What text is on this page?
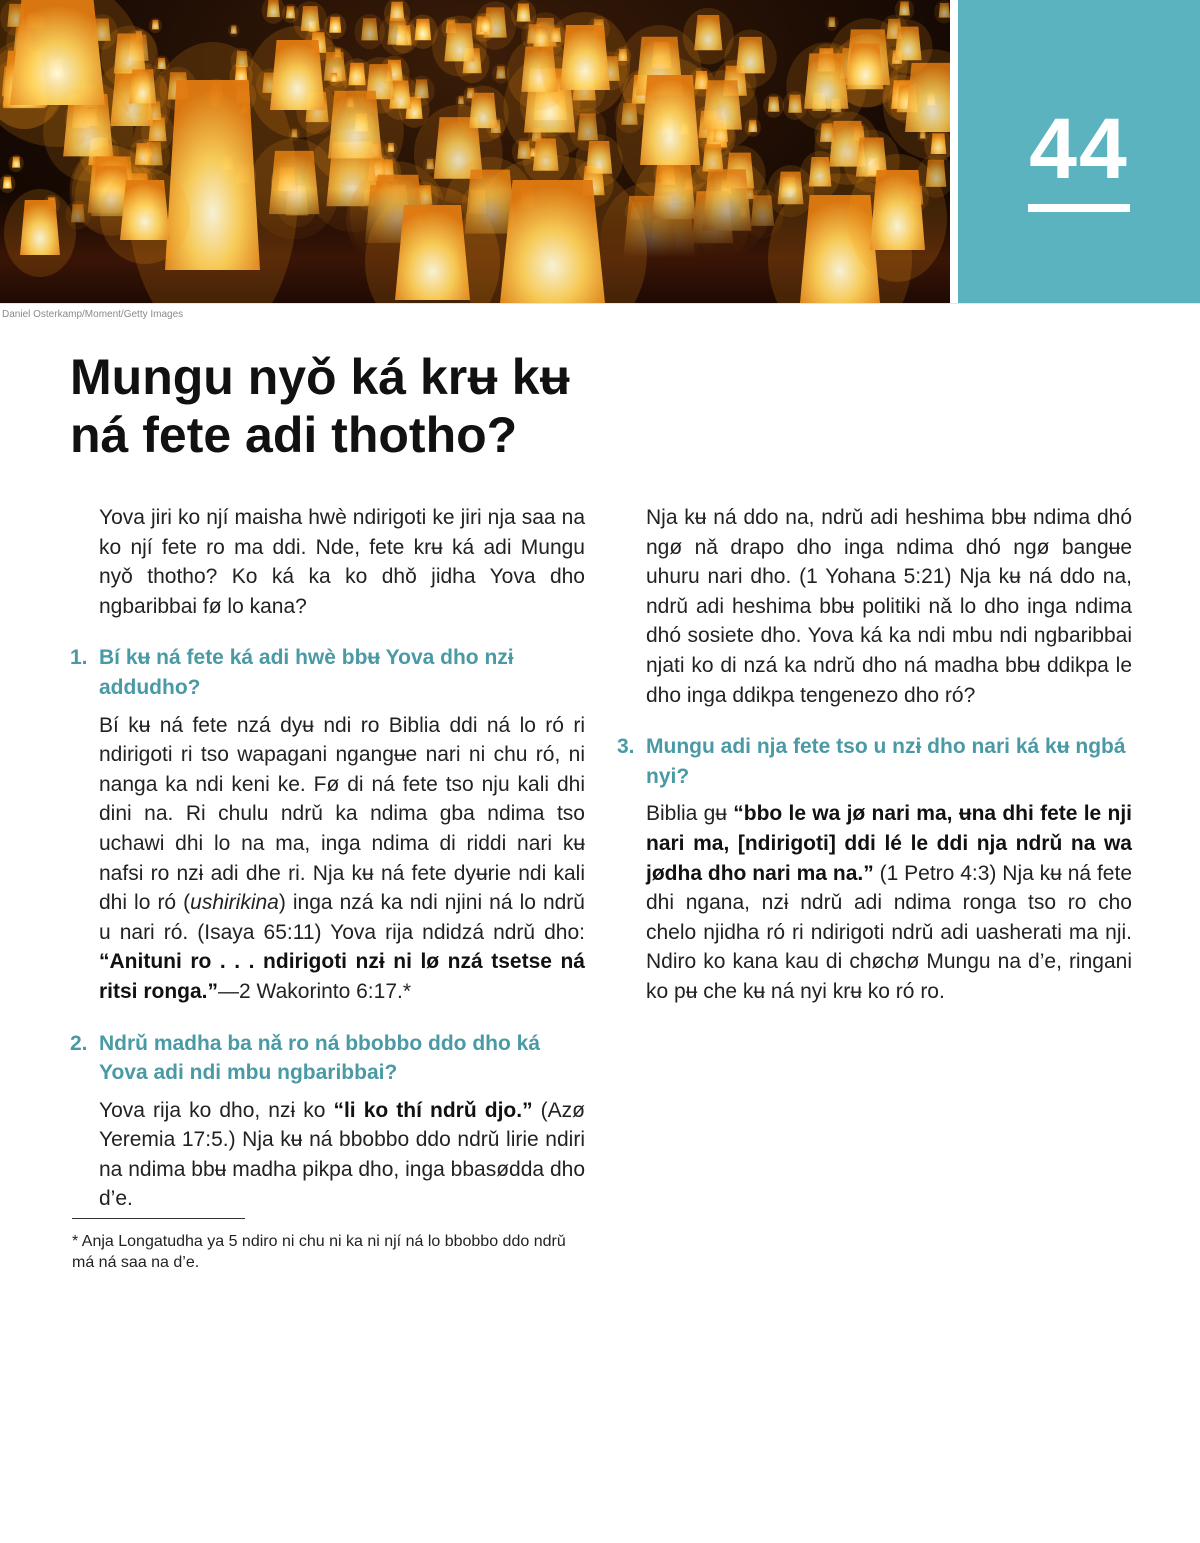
44
Daniel Osterkamp/Moment/Getty Images
Mungu nyǒ ká krʉ kʉ
ná fete adi thotho?

Yova jiri ko njí maisha hwè ndirigoti ke jiri nja saa na ko njí fete ro ma ddi. Nde, fete krʉ ká adi Mungu nyǒ thotho? Ko ká ka ko dhǒ jidha Yova dho ngbaribbai fø lo kana?

1. Bí kʉ ná fete ká adi hwè bbʉ Yova dho nzɨ addudho?

Bí kʉ ná fete nzá dyʉ ndi ro Biblia ddi ná lo ró ri ndirigoti ri tso wapagani ngangʉe nari ni chu ró, ni nanga ka ndi keni ke. Fø di ná fete tso nju kali dhi dini na. Ri chulu ndrǔ ka ndima gba ndima tso uchawi dhi lo na ma, inga ndima di riddi nari kʉ nafsi ro nzɨ adi dhe ri. Nja kʉ ná fete dyʉrie ndi kali dhi lo ró (ushirikina) inga nzá ka ndi njini ná lo ndrǔ u nari ró. (Isaya 65:11) Yova rija ndidzá ndrǔ dho: “Anituni ro . . . ndirigoti nzɨ ni lø nzá tsetse ná ritsi ronga.”—2 Wakorinto 6:17.*

2. Ndrǔ madha ba nǎ ro ná bbobbo ddo dho ká Yova adi ndi mbu ngbaribbai?

Yova rija ko dho, nzɨ ko “li ko thí ndrǔ djo.” (Azø Yeremia 17:5.) Nja kʉ ná bbobbo ddo ndrǔ lirie ndiri na ndima bbʉ madha pikpa dho, inga bbasødda dho d’e.

* Anja Longatudha ya 5 ndiro ni chu ni ka ni njí ná lo bbobbo ddo ndrǔ má ná saa na d’e.

Nja kʉ ná ddo na, ndrǔ adi heshima bbʉ ndima dhó ngø nǎ drapo dho inga ndima dhó ngø bangʉe uhuru nari dho. (1 Yohana 5:21) Nja kʉ ná ddo na, ndrǔ adi heshima bbʉ politiki nǎ lo dho inga ndima dhó sosiete dho. Yova ká ka ndi mbu ndi ngbaribbai njati ko di nzá ka ndrǔ dho ná madha bbʉ ddikpa le dho inga ddikpa tengenezo dho ró?

3. Mungu adi nja fete tso u nzɨ dho nari ká kʉ ngbá nyi?

Biblia gʉ “bbo le wa jø nari ma, ʉna dhi fete le nji nari ma, [ndirigoti] ddi lé le ddi nja ndrǔ na wa jødha dho nari ma na.” (1 Petro 4:3) Nja kʉ ná fete dhi ngana, nzɨ ndrǔ adi ndima ronga tso ro cho chelo njidha ró ri ndirigoti ndrǔ adi uasherati ma nji. Ndiro ko kana kau di chøchø Mungu na d’e, ringani ko pʉ che kʉ ná nyi krʉ ko ró ro.
